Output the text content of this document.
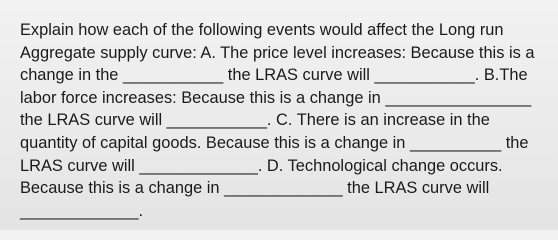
Explain how each of the following events would affect the Long run Aggregate supply curve: A. The price level increases: Because this is a change in the ___________ the LRAS curve will ___________. B.The labor force increases: Because this is a change in ________________ the LRAS curve will ___________. C. There is an increase in the quantity of capital goods. Because this is a change in __________ the LRAS curve will _____________. D. Technological change occurs. Because this is a change in _____________ the LRAS curve will _____________.
